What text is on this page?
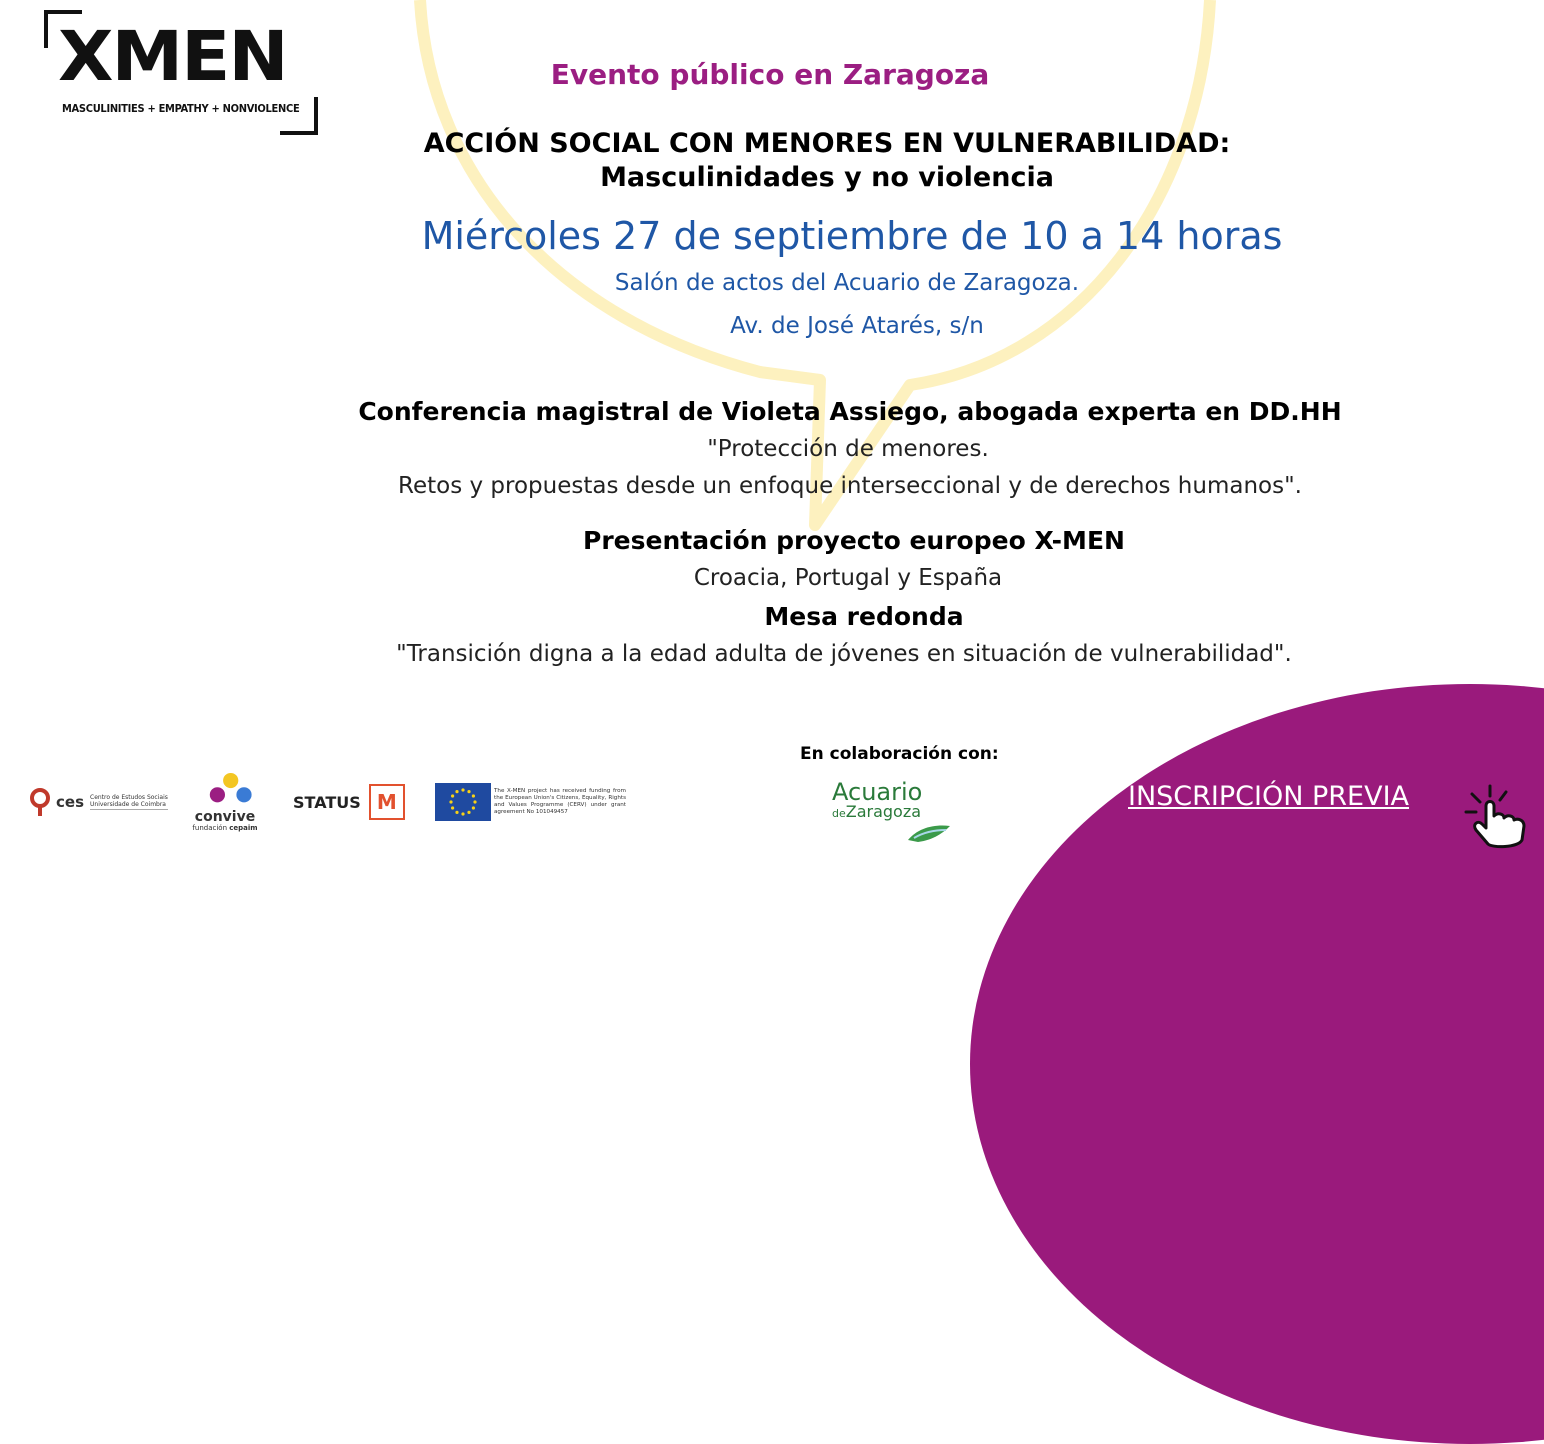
XMEN
MASCULINITIES + EMPATHY + NONVIOLENCE
Evento público en Zaragoza
ACCIÓN SOCIAL CON MENORES EN VULNERABILIDAD:
Masculinidades y no violencia
Miércoles 27 de septiembre de 10 a 14 horas
Salón de actos del Acuario de Zaragoza.
Av. de José Atarés, s/n
Conferencia magistral de Violeta Assiego, abogada experta en DD.HH
"Protección de menores.
Retos y propuestas desde un enfoque interseccional y de derechos humanos".
Presentación proyecto europeo X-MEN
Croacia, Portugal y España
Mesa redonda
"Transición digna a la edad adulta de jóvenes en situación de vulnerabilidad".
INSCRIPCIÓN PREVIA
En colaboración con:
Acuario
deZaragoza
ces Centro de Estudos Sociais
Universidade de Coimbra
convive
fundación cepaim
STATUS M	The X-MEN project has received funding from the European Union's Citizens, Equality, Rights and Values Programme (CERV) under grant agreement No 101049457
